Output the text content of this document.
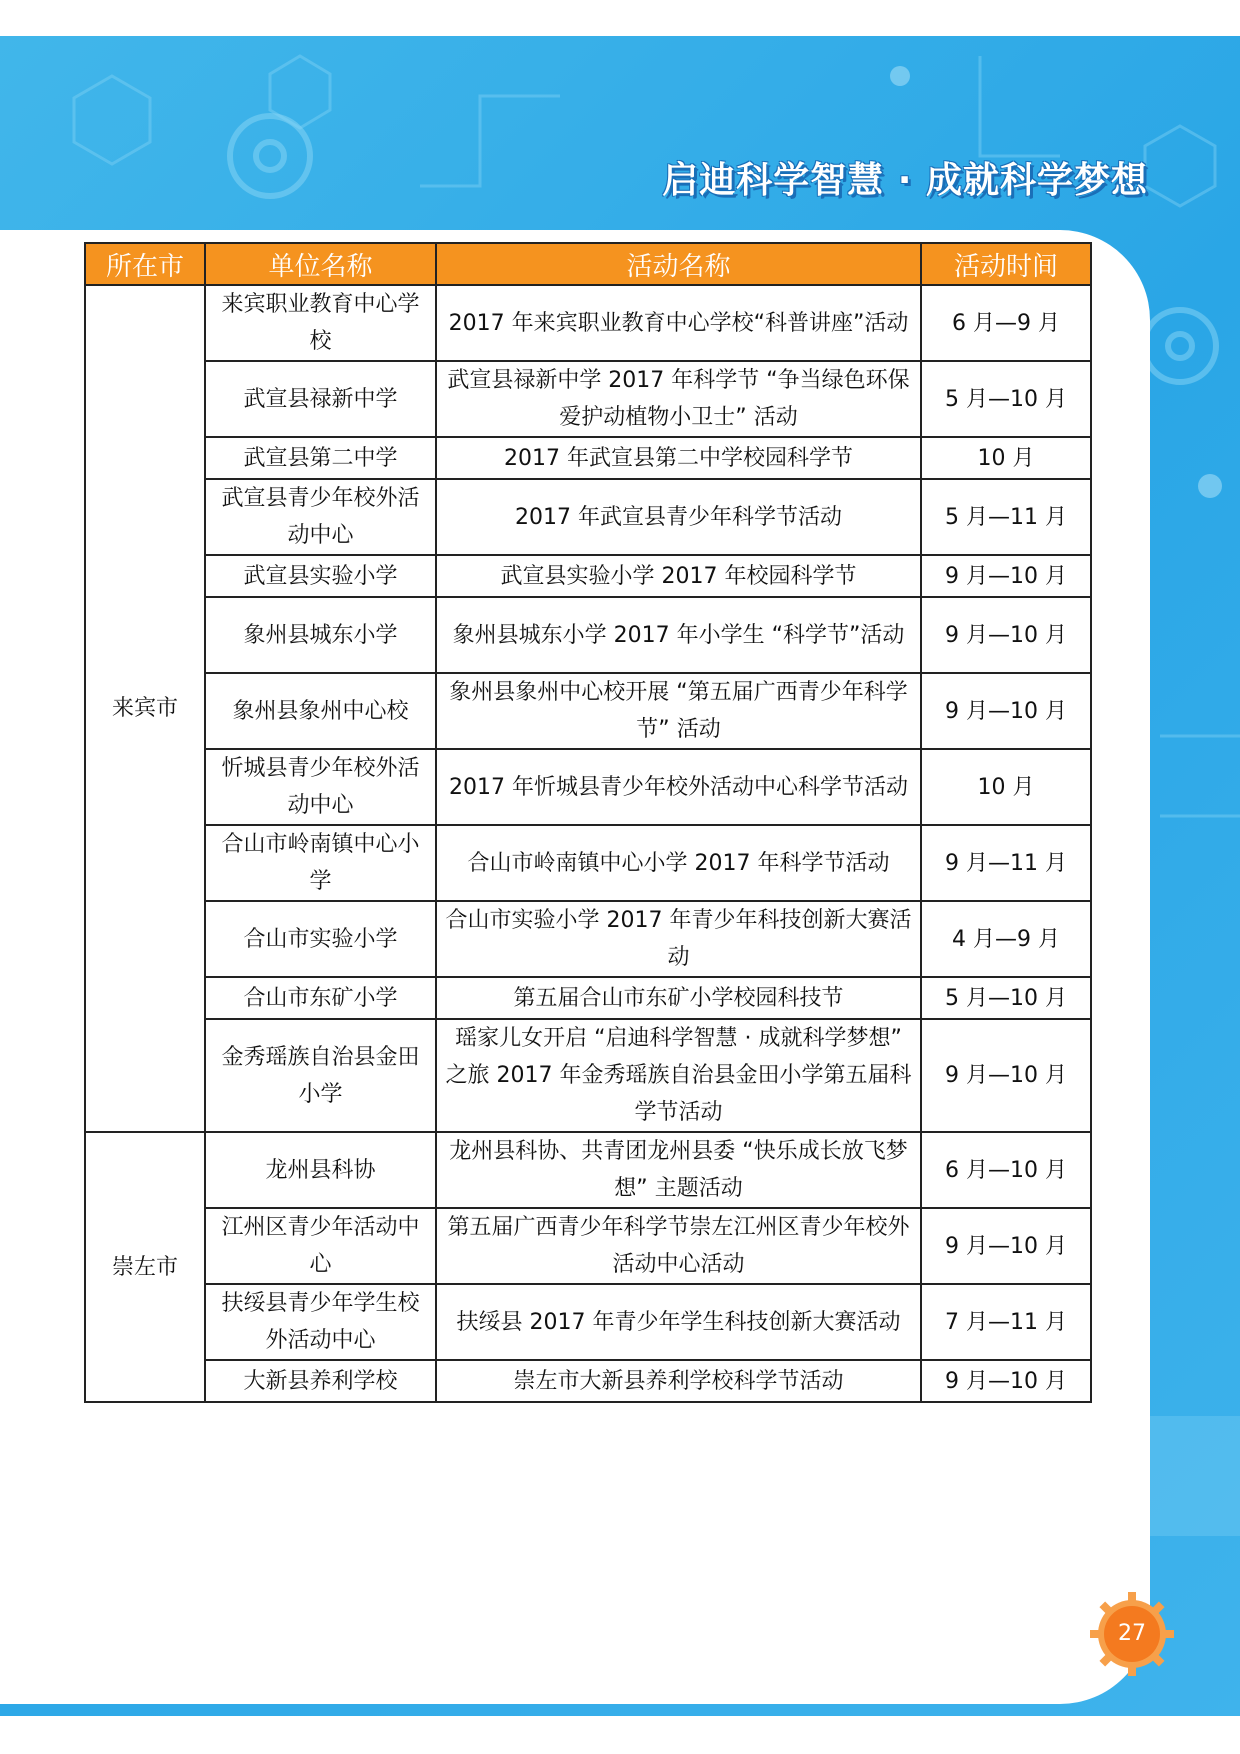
启迪科学智慧 · 成就科学梦想
所在市	单位名称	活动名称	活动时间
来宾市	来宾职业教育中心学校	2017 年来宾职业教育中心学校“科普讲座”活动	6 月—9 月
	武宣县禄新中学	武宣县禄新中学 2017 年科学节 “争当绿色环保爱护动植物小卫士” 活动	5 月—10 月
	武宣县第二中学	2017 年武宣县第二中学校园科学节	10 月
	武宣县青少年校外活动中心	2017 年武宣县青少年科学节活动	5 月—11 月
	武宣县实验小学	武宣县实验小学 2017 年校园科学节	9 月—10 月
	象州县城东小学	象州县城东小学 2017 年小学生 “科学节”活动	9 月—10 月
	象州县象州中心校	象州县象州中心校开展 “第五届广西青少年科学节” 活动	9 月—10 月
	忻城县青少年校外活动中心	2017 年忻城县青少年校外活动中心科学节活动	10 月
	合山市岭南镇中心小学	合山市岭南镇中心小学 2017 年科学节活动	9 月—11 月
	合山市实验小学	合山市实验小学 2017 年青少年科技创新大赛活动	4 月—9 月
	合山市东矿小学	第五届合山市东矿小学校园科技节	5 月—10 月
	金秀瑶族自治县金田小学	瑶家儿女开启 “启迪科学智慧 · 成就科学梦想” 之旅 2017 年金秀瑶族自治县金田小学第五届科学节活动	9 月—10 月
崇左市	龙州县科协	龙州县科协、共青团龙州县委 “快乐成长放飞梦想” 主题活动	6 月—10 月
	江州区青少年活动中心	第五届广西青少年科学节崇左江州区青少年校外活动中心活动	9 月—10 月
	扶绥县青少年学生校外活动中心	扶绥县 2017 年青少年学生科技创新大赛活动	7 月—11 月
	大新县养利学校	崇左市大新县养利学校科学节活动	9 月—10 月
27
